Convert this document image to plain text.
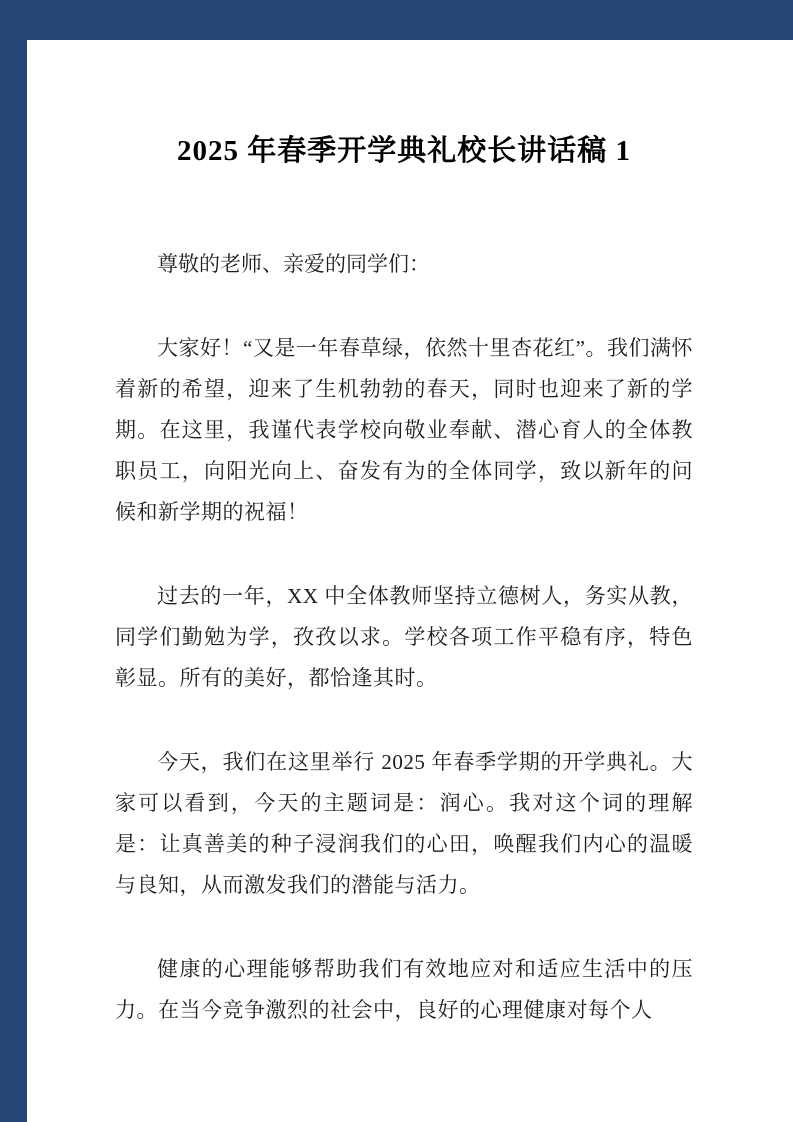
2025 年春季开学典礼校长讲话稿 1

尊敬的老师、亲爱的同学们：

大家好！“又是一年春草绿，依然十里杏花红”。我们满怀着新的希望，迎来了生机勃勃的春天，同时也迎来了新的学期。在这里，我谨代表学校向敬业奉献、潜心育人的全体教职员工，向阳光向上、奋发有为的全体同学，致以新年的问候和新学期的祝福！

过去的一年，XX 中全体教师坚持立德树人，务实从教，同学们勤勉为学，孜孜以求。学校各项工作平稳有序，特色彰显。所有的美好，都恰逢其时。

今天，我们在这里举行 2025 年春季学期的开学典礼。大家可以看到，今天的主题词是：润心。我对这个词的理解是：让真善美的种子浸润我们的心田，唤醒我们内心的温暖与良知，从而激发我们的潜能与活力。

健康的心理能够帮助我们有效地应对和适应生活中的压力。在当今竞争激烈的社会中，良好的心理健康对每个人
